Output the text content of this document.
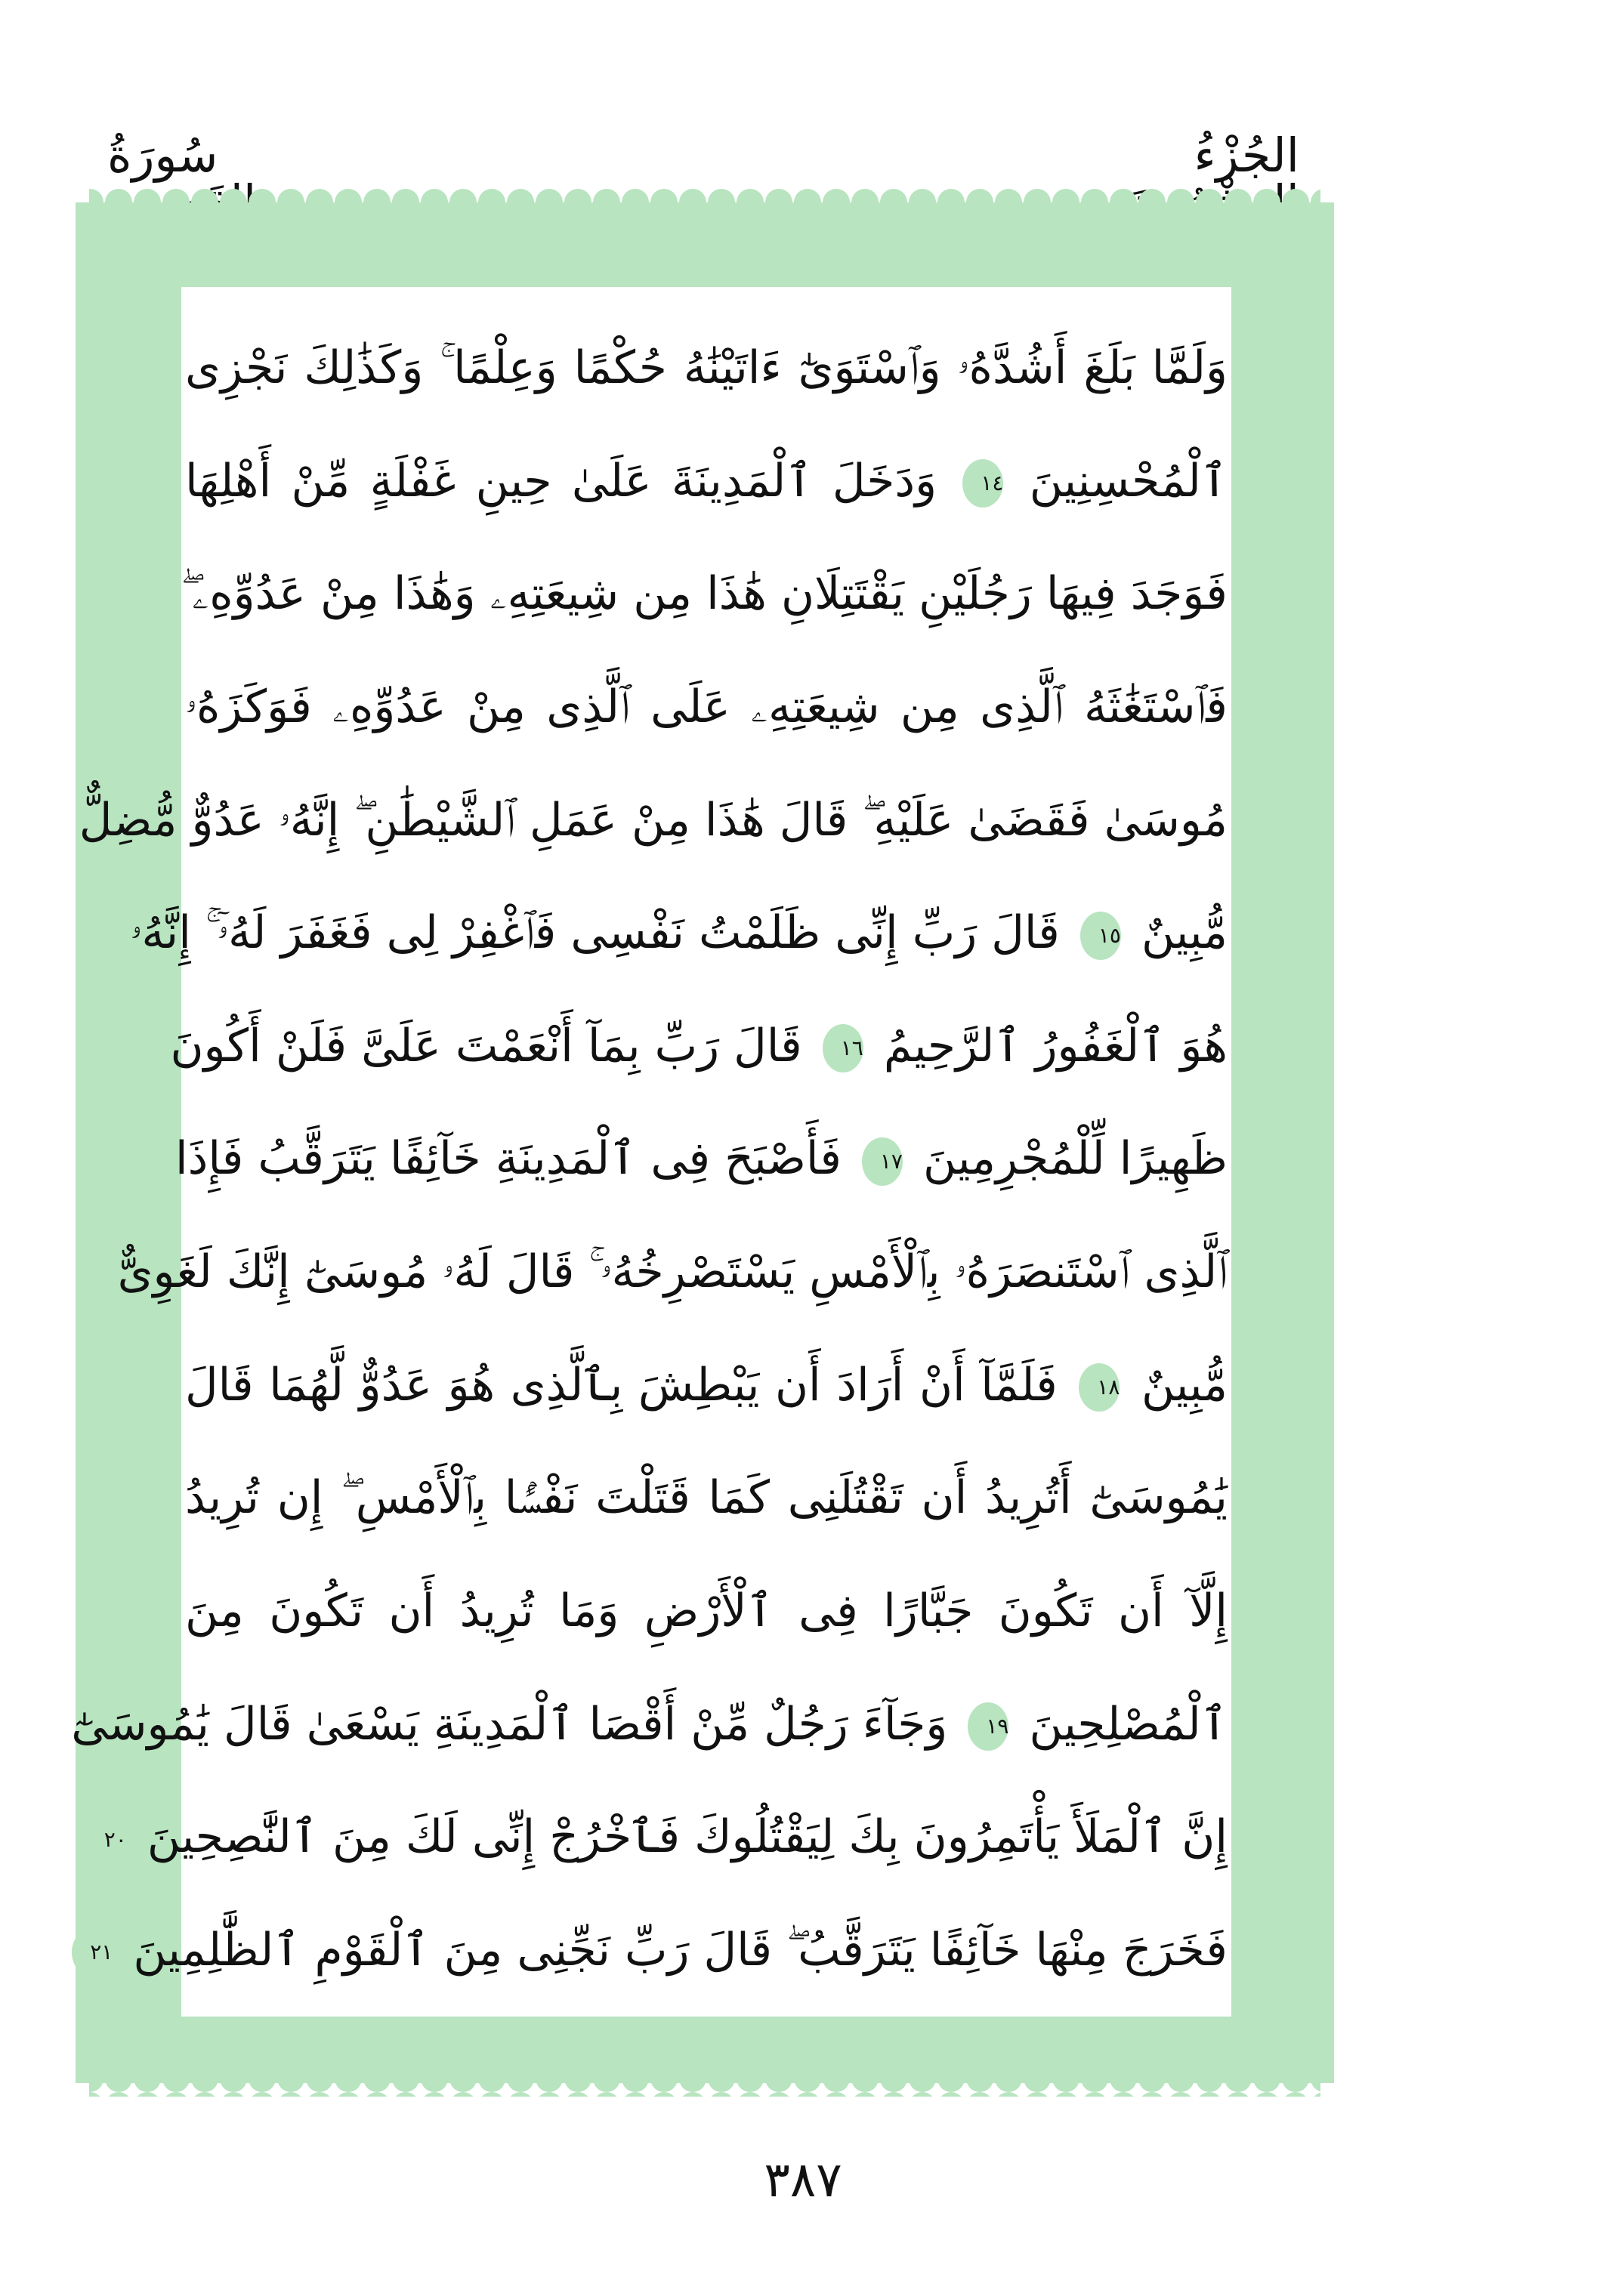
الجُزْءُ
سُورَةُ
وَلَمَّا بَلَغَ أَشُدَّهُۥ وَٱسْتَوَىٰٓ ءَاتَيْنَٰهُ حُكْمًا وَعِلْمًا ۚ وَكَذَٰلِكَ نَجْزِى
ٱلْمُحْسِنِينَ ١٤ وَدَخَلَ ٱلْمَدِينَةَ عَلَىٰ حِينِ غَفْلَةٍ مِّنْ أَهْلِهَا
فَوَجَدَ فِيهَا رَجُلَيْنِ يَقْتَتِلَانِ هَٰذَا مِن شِيعَتِهِۦ وَهَٰذَا مِنْ عَدُوِّهِۦ ۖ
فَٱسْتَغَٰثَهُ ٱلَّذِى مِن شِيعَتِهِۦ عَلَى ٱلَّذِى مِنْ عَدُوِّهِۦ فَوَكَزَهُۥ
مُوسَىٰ فَقَضَىٰ عَلَيْهِ ۖ قَالَ هَٰذَا مِنْ عَمَلِ ٱلشَّيْطَٰنِ ۖ إِنَّهُۥ عَدُوٌّ مُّضِلٌّ
مُّبِينٌ ١٥ قَالَ رَبِّ إِنِّى ظَلَمْتُ نَفْسِى فَٱغْفِرْ لِى فَغَفَرَ لَهُۥٓ ۚ إِنَّهُۥ
هُوَ ٱلْغَفُورُ ٱلرَّحِيمُ ١٦ قَالَ رَبِّ بِمَآ أَنْعَمْتَ عَلَىَّ فَلَنْ أَكُونَ
ظَهِيرًا لِّلْمُجْرِمِينَ ١٧ فَأَصْبَحَ فِى ٱلْمَدِينَةِ خَآئِفًا يَتَرَقَّبُ فَإِذَا
ٱلَّذِى ٱسْتَنصَرَهُۥ بِٱلْأَمْسِ يَسْتَصْرِخُهُۥ ۚ قَالَ لَهُۥ مُوسَىٰٓ إِنَّكَ لَغَوِىٌّ
مُّبِينٌ ١٨ فَلَمَّآ أَنْ أَرَادَ أَن يَبْطِشَ بِٱلَّذِى هُوَ عَدُوٌّ لَّهُمَا قَالَ
يَٰمُوسَىٰٓ أَتُرِيدُ أَن تَقْتُلَنِى كَمَا قَتَلْتَ نَفْسًۢا بِٱلْأَمْسِ ۖ إِن تُرِيدُ
إِلَّآ أَن تَكُونَ جَبَّارًا فِى ٱلْأَرْضِ وَمَا تُرِيدُ أَن تَكُونَ مِنَ
ٱلْمُصْلِحِينَ ١٩ وَجَآءَ رَجُلٌ مِّنْ أَقْصَا ٱلْمَدِينَةِ يَسْعَىٰ قَالَ يَٰمُوسَىٰٓ
إِنَّ ٱلْمَلَأَ يَأْتَمِرُونَ بِكَ لِيَقْتُلُوكَ فَٱخْرُجْ إِنِّى لَكَ مِنَ ٱلنَّٰصِحِينَ ٢٠
فَخَرَجَ مِنْهَا خَآئِفًا يَتَرَقَّبُ ۖ قَالَ رَبِّ نَجِّنِى مِنَ ٱلْقَوْمِ ٱلظَّٰلِمِينَ ٢١
٣٨٧
